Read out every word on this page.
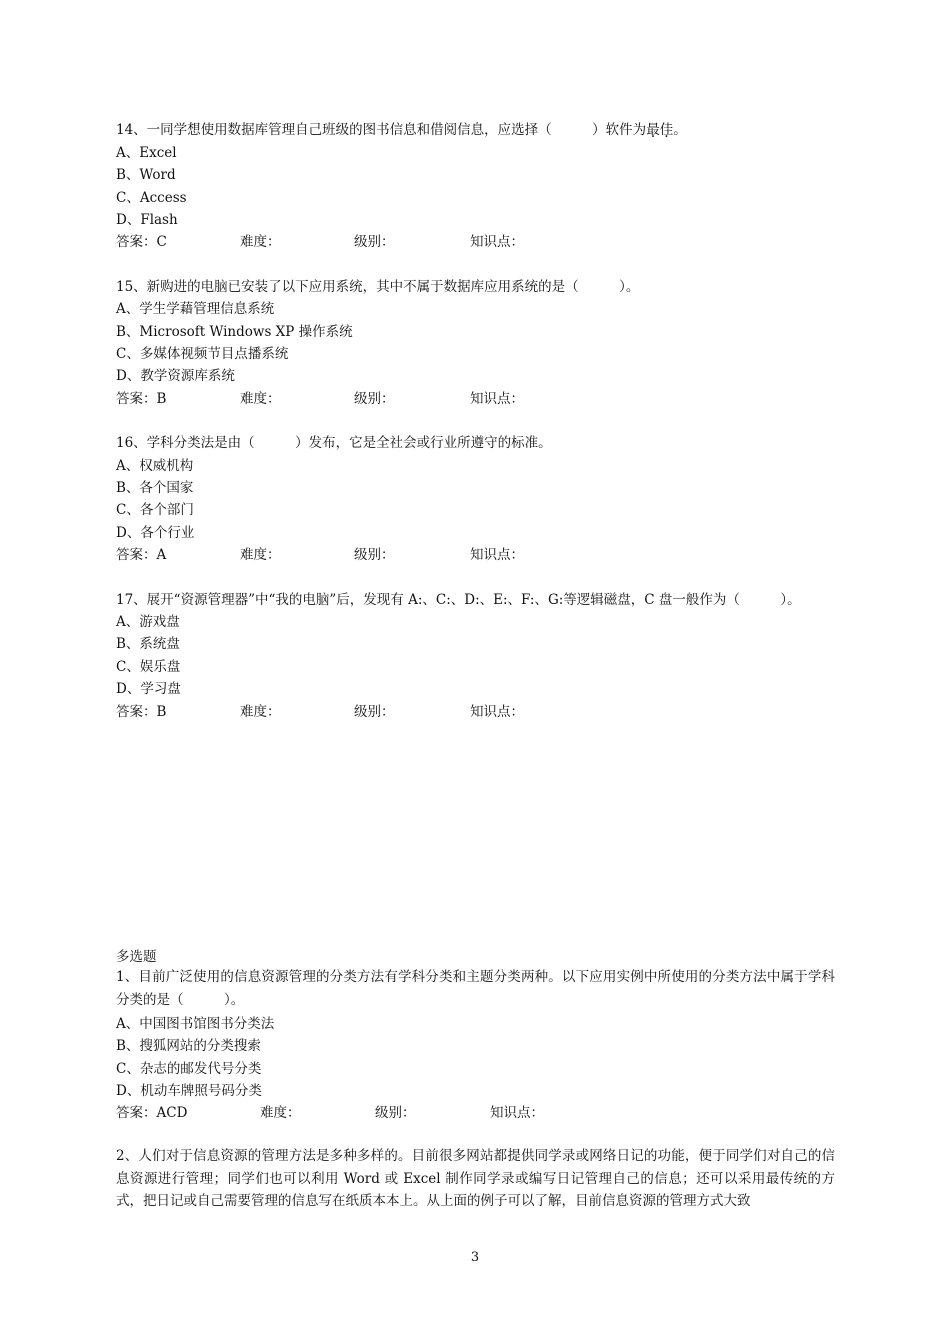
14、一同学想使用数据库管理自己班级的图书信息和借阅信息，应选择（　　　）软件为最佳。
A、Excel
B、Word
C、Access
D、Flash
答案：C	难度：	级别：	知识点：
15、新购进的电脑已安装了以下应用系统，其中不属于数据库应用系统的是（　　　）。
A、学生学藉管理信息系统
B、Microsoft Windows XP 操作系统
C、多媒体视频节目点播系统
D、教学资源库系统
答案：B	难度：	级别：	知识点：
16、学科分类法是由（　　　）发布，它是全社会或行业所遵守的标准。
A、权威机构
B、各个国家
C、各个部门
D、各个行业
答案：A	难度：	级别：	知识点：
17、展开“资源管理器”中“我的电脑”后，发现有 A:、C:、D:、E:、F:、G:等逻辑磁盘，C 盘一般作为（　　　）。
A、游戏盘
B、系统盘
C、娱乐盘
D、学习盘
答案：B	难度：	级别：	知识点：
多选题
1、目前广泛使用的信息资源管理的分类方法有学科分类和主题分类两种。以下应用实例中所使用的分类方法中属于学科分类的是（　　　）。
A、中国图书馆图书分类法
B、搜狐网站的分类搜索
C、杂志的邮发代号分类
D、机动车牌照号码分类
答案：ACD	难度：	级别：	知识点：
2、人们对于信息资源的管理方法是多种多样的。目前很多网站都提供同学录或网络日记的功能，便于同学们对自己的信息资源进行管理；同学们也可以利用 Word 或 Excel 制作同学录或编写日记管理自己的信息；还可以采用最传统的方式，把日记或自己需要管理的信息写在纸质本本上。从上面的例子可以了解，目前信息资源的管理方式大致
3
